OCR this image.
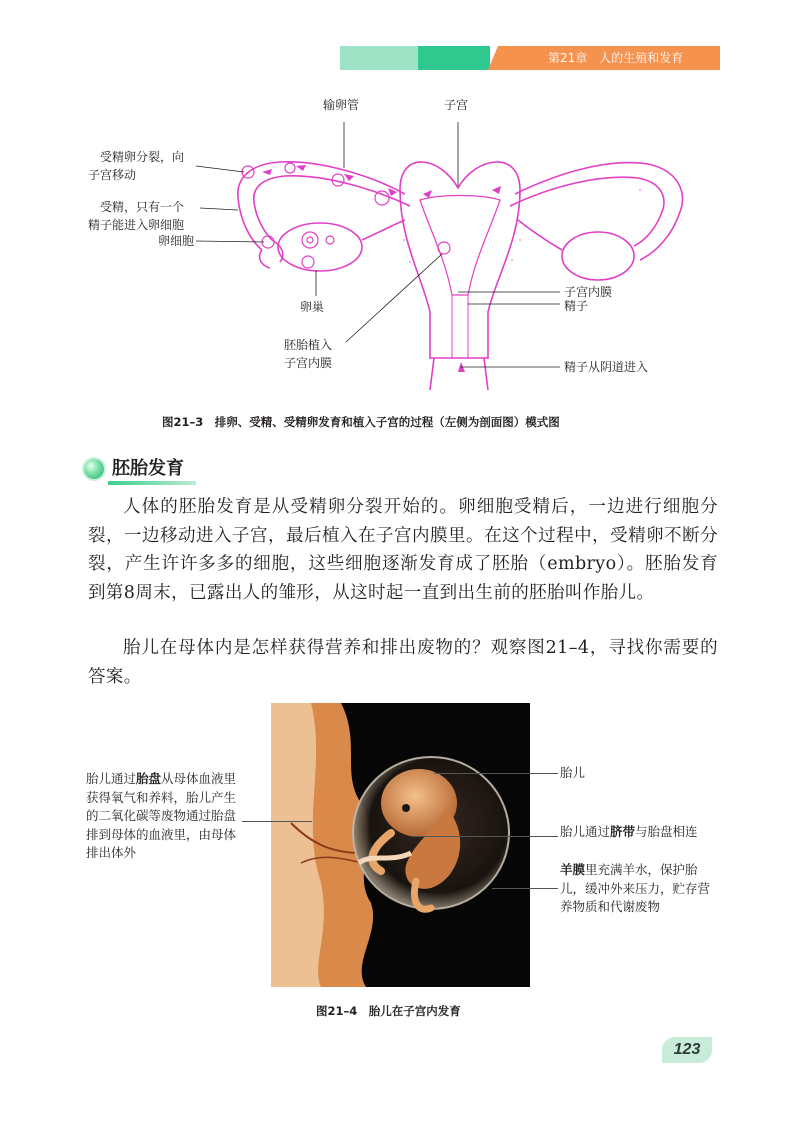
第21章　人的生殖和发育
输卵管	子宫
受精卵分裂，向
子宫移动
受精，只有一个
精子能进入卵细胞
卵细胞
卵巢
胚胎植入
子宫内膜
子宫内膜
精子
精子从阴道进入
图21–3　排卵、受精、受精卵发育和植入子宫的过程（左侧为剖面图）模式图
胚胎发育

人体的胚胎发育是从受精卵分裂开始的。卵细胞受精后，一边进行细胞分裂，一边移动进入子宫，最后植入在子宫内膜里。在这个过程中，受精卵不断分裂，产生许许多多的细胞，这些细胞逐渐发育成了胚胎（embryo）。胚胎发育到第8周末，已露出人的雏形，从这时起一直到出生前的胚胎叫作胎儿。

胎儿在母体内是怎样获得营养和排出废物的？观察图21–4，寻找你需要的答案。

胎儿通过胎盘从母体血液里获得氧气和养料，胎儿产生的二氧化碳等废物通过胎盘排到母体的血液里，由母体排出体外
胎儿
胎儿通过脐带与胎盘相连
羊膜里充满羊水，保护胎儿，缓冲外来压力，贮存营养物质和代谢废物
图21–4　胎儿在子宫内发育
123
